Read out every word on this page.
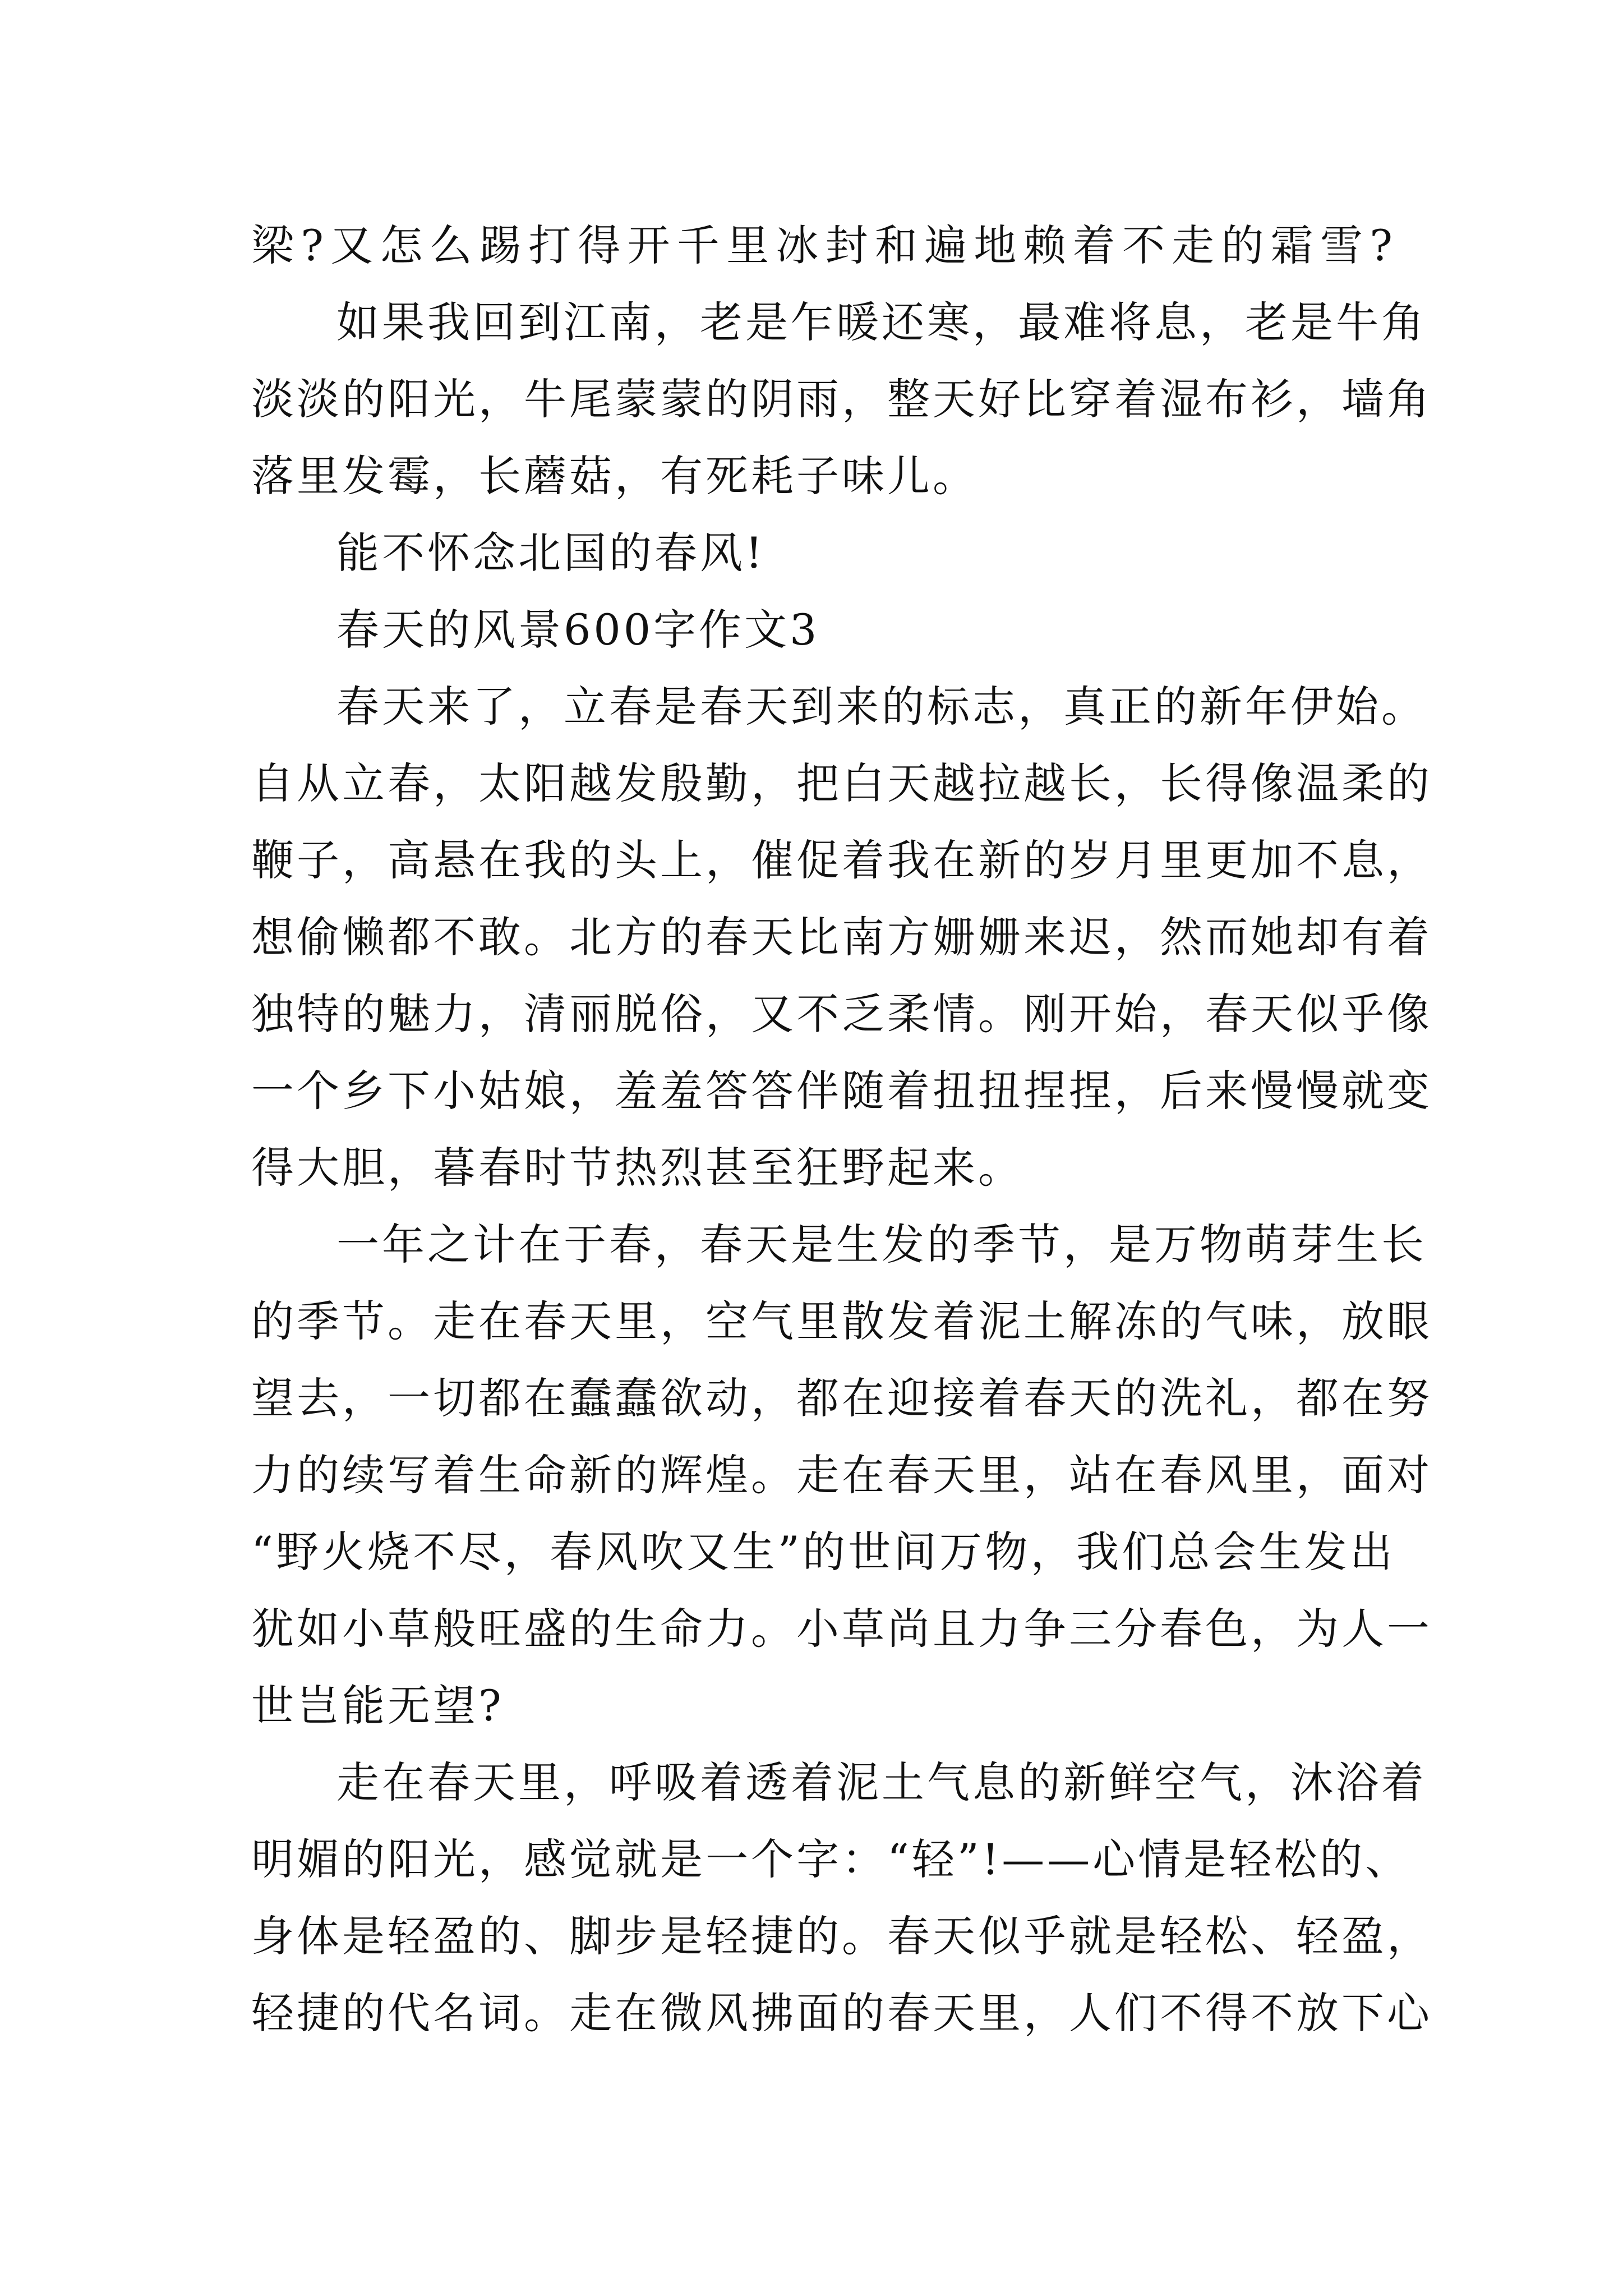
梁?又怎么踢打得开千里冰封和遍地赖着不走的霜雪?
如果我回到江南，老是乍暖还寒，最难将息，老是牛角
淡淡的阳光，牛尾蒙蒙的阴雨，整天好比穿着湿布衫，墙角
落里发霉，长蘑菇，有死耗子味儿。
能不怀念北国的春风!
春天的风景600字作文3
春天来了，立春是春天到来的标志，真正的新年伊始。
自从立春，太阳越发殷勤，把白天越拉越长，长得像温柔的
鞭子，高悬在我的头上，催促着我在新的岁月里更加不息，
想偷懒都不敢。北方的春天比南方姗姗来迟，然而她却有着
独特的魅力，清丽脱俗，又不乏柔情。刚开始，春天似乎像
一个乡下小姑娘，羞羞答答伴随着扭扭捏捏，后来慢慢就变
得大胆，暮春时节热烈甚至狂野起来。
一年之计在于春，春天是生发的季节，是万物萌芽生长
的季节。走在春天里，空气里散发着泥土解冻的气味，放眼
望去，一切都在蠢蠢欲动，都在迎接着春天的洗礼，都在努
力的续写着生命新的辉煌。走在春天里，站在春风里，面对
“野火烧不尽，春风吹又生”的世间万物，我们总会生发出
犹如小草般旺盛的生命力。小草尚且力争三分春色，为人一
世岂能无望?
走在春天里，呼吸着透着泥土气息的新鲜空气，沐浴着
明媚的阳光，感觉就是一个字：“轻”!——心情是轻松的、
身体是轻盈的、脚步是轻捷的。春天似乎就是轻松、轻盈，
轻捷的代名词。走在微风拂面的春天里，人们不得不放下心
